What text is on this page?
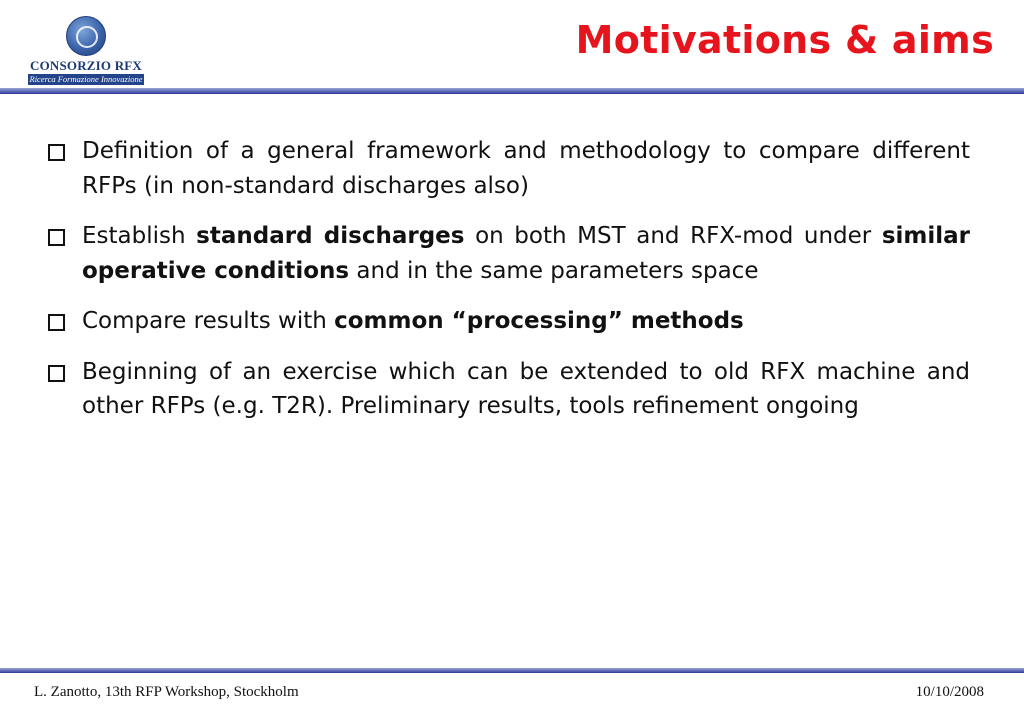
CONSORZIO RFX
Ricerca Formazione Innovazione
Motivations & aims
Definition of a general framework and methodology to compare different RFPs (in non-standard discharges also)
Establish standard discharges on both MST and RFX-mod under similar operative conditions and in the same parameters space
Compare results with common “processing” methods
Beginning of an exercise which can be extended to old RFX machine and other RFPs (e.g. T2R). Preliminary results, tools refinement ongoing
L. Zanotto, 13th RFP Workshop, Stockholm	10/10/2008
